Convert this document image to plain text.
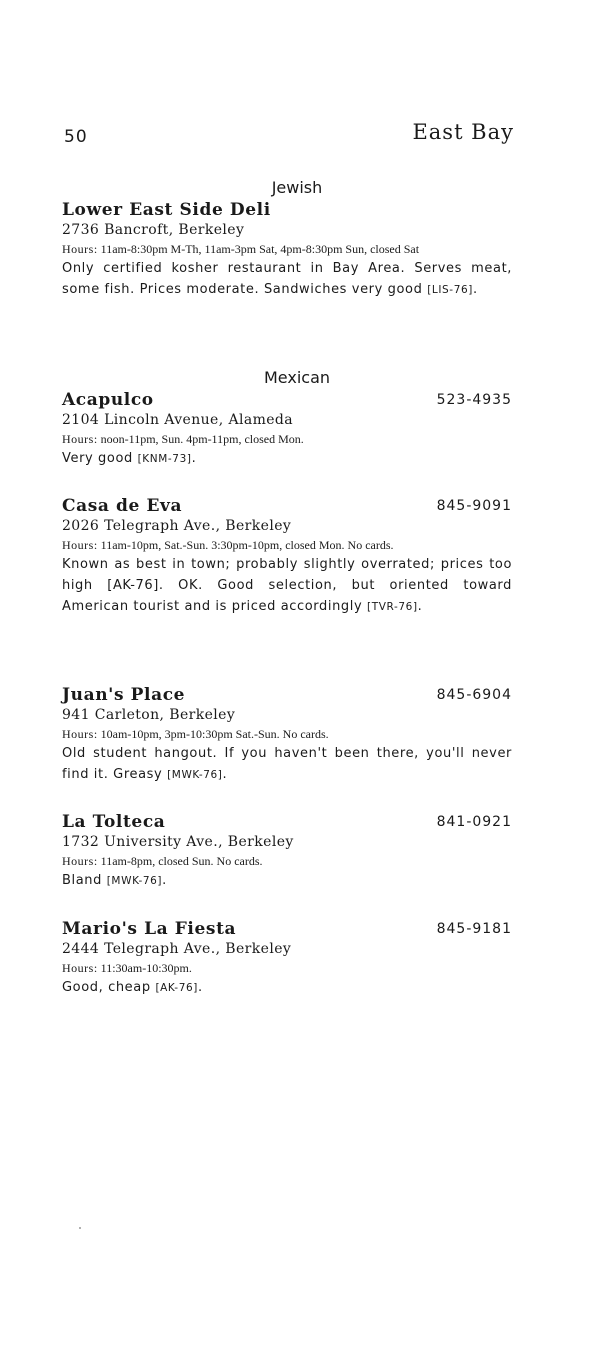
50	East Bay
Jewish
Lower East Side Deli
2736 Bancroft, Berkeley
Hours: 11am-8:30pm M-Th, 11am-3pm Sat, 4pm-8:30pm Sun, closed Sat
Only certified kosher restaurant in Bay Area. Serves meat, some fish. Prices moderate. Sandwiches very good [LIS-76].
Mexican
Acapulco	523-4935
2104 Lincoln Avenue, Alameda
Hours: noon-11pm, Sun. 4pm-11pm, closed Mon.
Very good [KNM-73].
Casa de Eva	845-9091
2026 Telegraph Ave., Berkeley
Hours: 11am-10pm, Sat.-Sun. 3:30pm-10pm, closed Mon. No cards.
Known as best in town; probably slightly overrated; prices too high [AK-76]. OK. Good selection, but oriented toward American tourist and is priced accordingly [TVR-76].
Juan's Place	845-6904
941 Carleton, Berkeley
Hours: 10am-10pm, 3pm-10:30pm Sat.-Sun. No cards.
Old student hangout. If you haven't been there, you'll never find it. Greasy [MWK-76].
La Tolteca	841-0921
1732 University Ave., Berkeley
Hours: 11am-8pm, closed Sun. No cards.
Bland [MWK-76].
Mario's La Fiesta	845-9181
2444 Telegraph Ave., Berkeley
Hours: 11:30am-10:30pm.
Good, cheap [AK-76].
